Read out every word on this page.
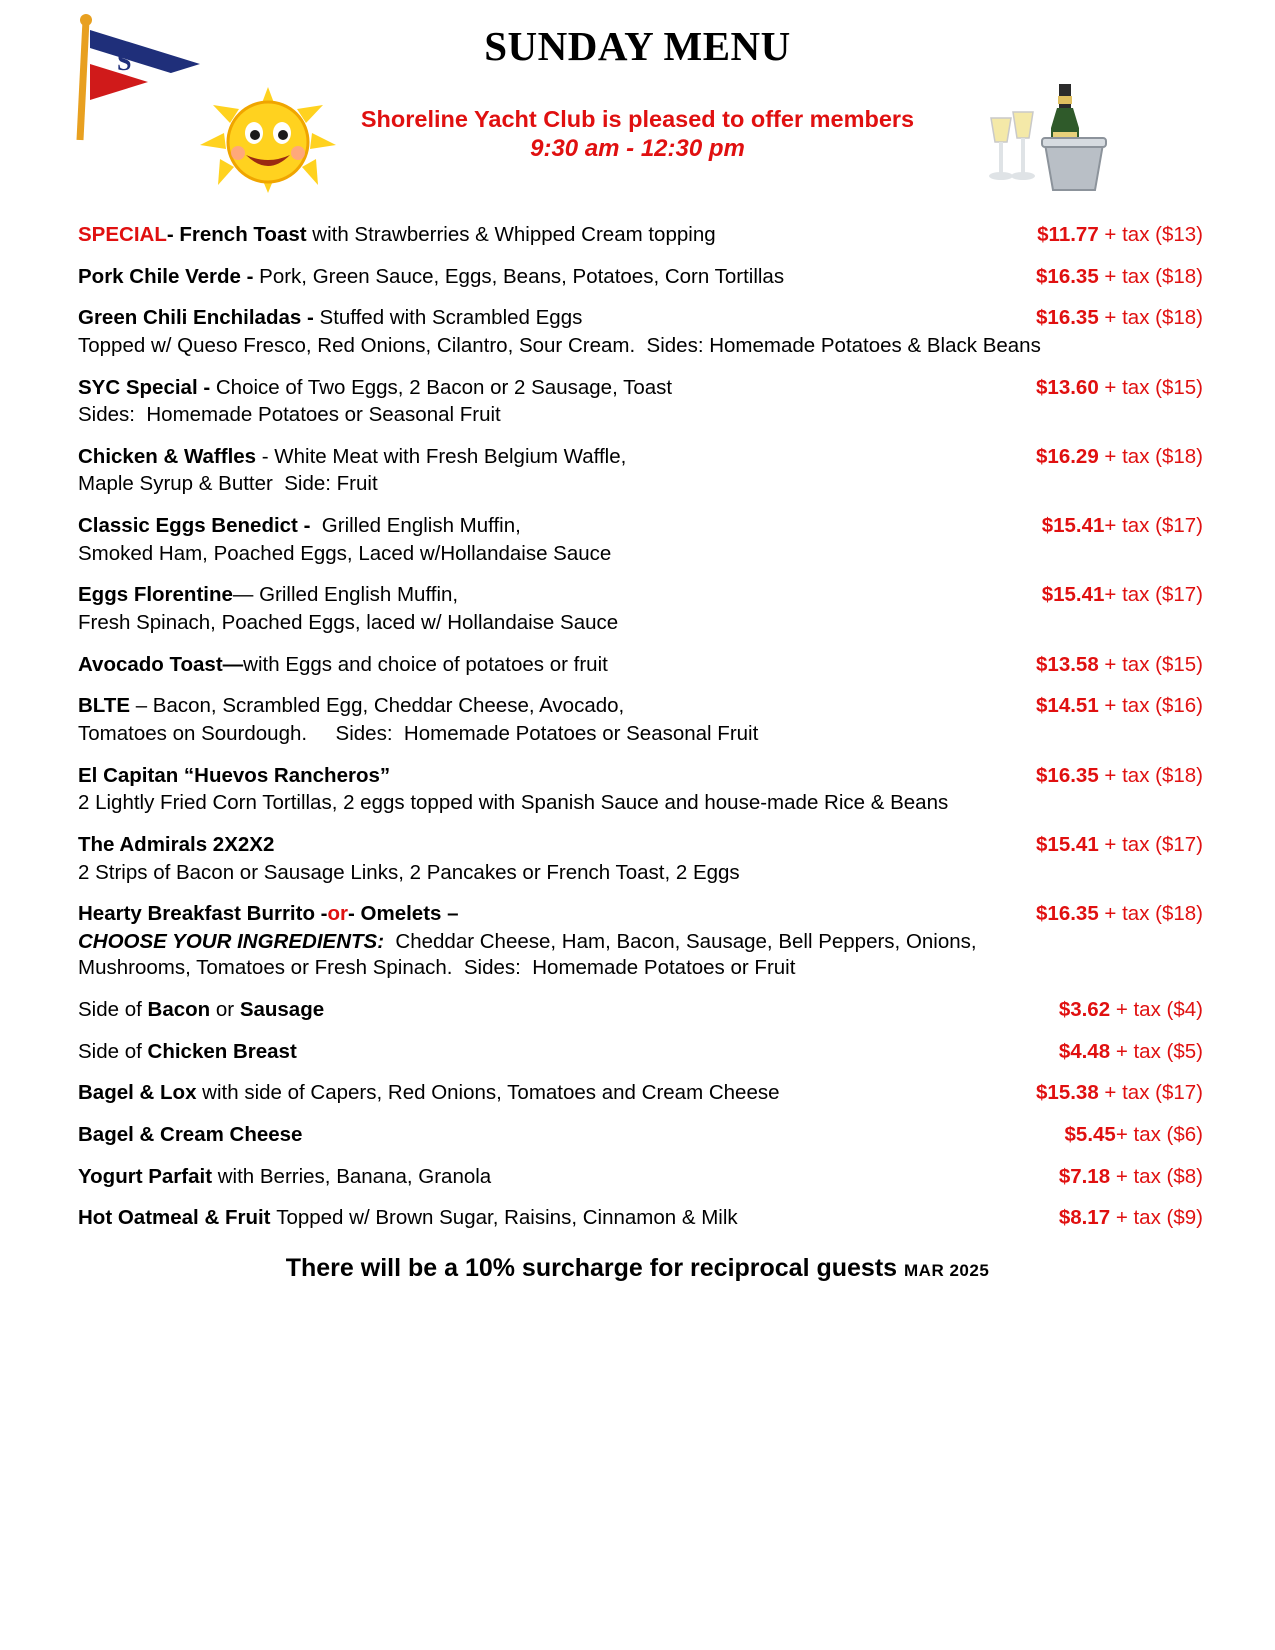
S	SUNDAY MENU
Shoreline Yacht Club is pleased to offer members
9:30 am - 12:30 pm
SPECIAL- French Toast with Strawberries & Whipped Cream topping	$11.77 + tax ($13)
Pork Chile Verde - Pork, Green Sauce, Eggs, Beans, Potatoes, Corn Tortillas	$16.35 + tax ($18)
Green Chili Enchiladas - Stuffed with Scrambled Eggs	$16.35 + tax ($18)
Topped w/ Queso Fresco, Red Onions, Cilantro, Sour Cream.  Sides: Homemade Potatoes & Black Beans
SYC Special - Choice of Two Eggs, 2 Bacon or 2 Sausage, Toast	$13.60 + tax ($15)
Sides:  Homemade Potatoes or Seasonal Fruit
Chicken & Waffles - White Meat with Fresh Belgium Waffle,	$16.29 + tax ($18)
Maple Syrup & Butter  Side: Fruit
Classic Eggs Benedict -  Grilled English Muffin,	$15.41+ tax ($17)
Smoked Ham, Poached Eggs, Laced w/Hollandaise Sauce
Eggs Florentine— Grilled English Muffin,	$15.41+ tax ($17)
Fresh Spinach, Poached Eggs, laced w/ Hollandaise Sauce
Avocado Toast—with Eggs and choice of potatoes or fruit	$13.58 + tax ($15)
BLTE – Bacon, Scrambled Egg, Cheddar Cheese, Avocado,	$14.51 + tax ($16)
Tomatoes on Sourdough.     Sides:  Homemade Potatoes or Seasonal Fruit
El Capitan “Huevos Rancheros”	$16.35 + tax ($18)
2 Lightly Fried Corn Tortillas, 2 eggs topped with Spanish Sauce and house-made Rice & Beans
The Admirals 2X2X2	$15.41 + tax ($17)
2 Strips of Bacon or Sausage Links, 2 Pancakes or French Toast, 2 Eggs
Hearty Breakfast Burrito -or- Omelets –	$16.35 + tax ($18)
CHOOSE YOUR INGREDIENTS:  Cheddar Cheese, Ham, Bacon, Sausage, Bell Peppers, Onions,
Mushrooms, Tomatoes or Fresh Spinach.  Sides:  Homemade Potatoes or Fruit
Side of Bacon or Sausage	$3.62 + tax ($4)
Side of Chicken Breast	$4.48 + tax ($5)
Bagel & Lox with side of Capers, Red Onions, Tomatoes and Cream Cheese	$15.38 + tax ($17)
Bagel & Cream Cheese	$5.45+ tax ($6)
Yogurt Parfait with Berries, Banana, Granola	$7.18 + tax ($8)
Hot Oatmeal & Fruit Topped w/ Brown Sugar, Raisins, Cinnamon & Milk	$8.17 + tax ($9)
There will be a 10% surcharge for reciprocal guests MAR 2025
